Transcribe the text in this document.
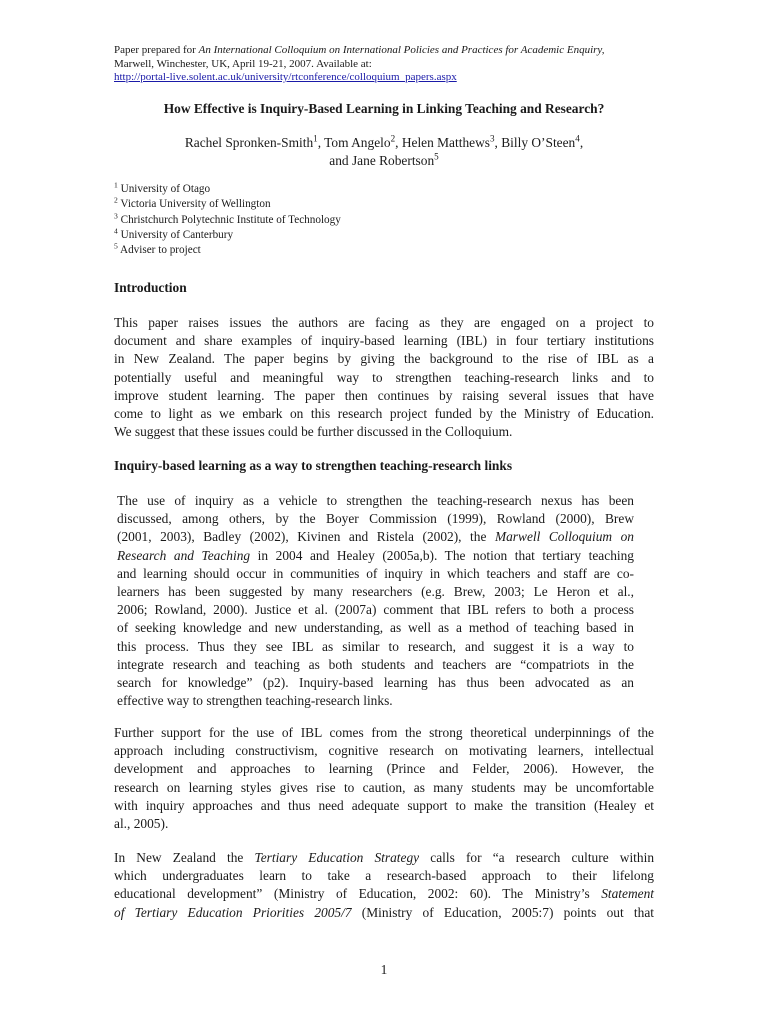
Paper prepared for An International Colloquium on International Policies and Practices for Academic Enquiry,
Marwell, Winchester, UK, April 19-21, 2007. Available at:
http://portal-live.solent.ac.uk/university/rtconference/colloquium_papers.aspx
How Effective is Inquiry-Based Learning in Linking Teaching and Research?
Rachel Spronken-Smith$^1$, Tom Angelo$^2$, Helen Matthews$^3$, Billy O’Steen$^4$,
and Jane Robertson$^5$
$^1$ University of Otago
$^2$ Victoria University of Wellington
$^3$ Christchurch Polytechnic Institute of Technology
$^4$ University of Canterbury
$^5$ Adviser to project
Introduction
This paper raises issues the authors are facing as they are engaged on a project to
document and share examples of inquiry-based learning (IBL) in four tertiary institutions
in New Zealand. The paper begins by giving the background to the rise of IBL as a
potentially useful and meaningful way to strengthen teaching-research links and to
improve student learning. The paper then continues by raising several issues that have
come to light as we embark on this research project funded by the Ministry of Education.
We suggest that these issues could be further discussed in the Colloquium.
Inquiry-based learning as a way to strengthen teaching-research links
The use of inquiry as a vehicle to strengthen the teaching-research nexus has been
discussed, among others, by the Boyer Commission (1999), Rowland (2000), Brew
(2001, 2003), Badley (2002), Kivinen and Ristela (2002), the Marwell Colloquium on
Research and Teaching in 2004 and Healey (2005a,b). The notion that tertiary teaching
and learning should occur in communities of inquiry in which teachers and staff are co-
learners has been suggested by many researchers (e.g. Brew, 2003; Le Heron et al.,
2006; Rowland, 2000). Justice et al. (2007a) comment that IBL refers to both a process
of seeking knowledge and new understanding, as well as a method of teaching based in
this process. Thus they see IBL as similar to research, and suggest it is a way to
integrate research and teaching as both students and teachers are “compatriots in the
search for knowledge” (p2). Inquiry-based learning has thus been advocated as an
effective way to strengthen teaching-research links.
Further support for the use of IBL comes from the strong theoretical underpinnings of the
approach including constructivism, cognitive research on motivating learners, intellectual
development and approaches to learning (Prince and Felder, 2006). However, the
research on learning styles gives rise to caution, as many students may be uncomfortable
with inquiry approaches and thus need adequate support to make the transition (Healey et
al., 2005).
In New Zealand the Tertiary Education Strategy calls for “a research culture within
which undergraduates learn to take a research-based approach to their lifelong
educational development” (Ministry of Education, 2002: 60). The Ministry’s Statement
of Tertiary Education Priorities 2005/7 (Ministry of Education, 2005:7) points out that
1
